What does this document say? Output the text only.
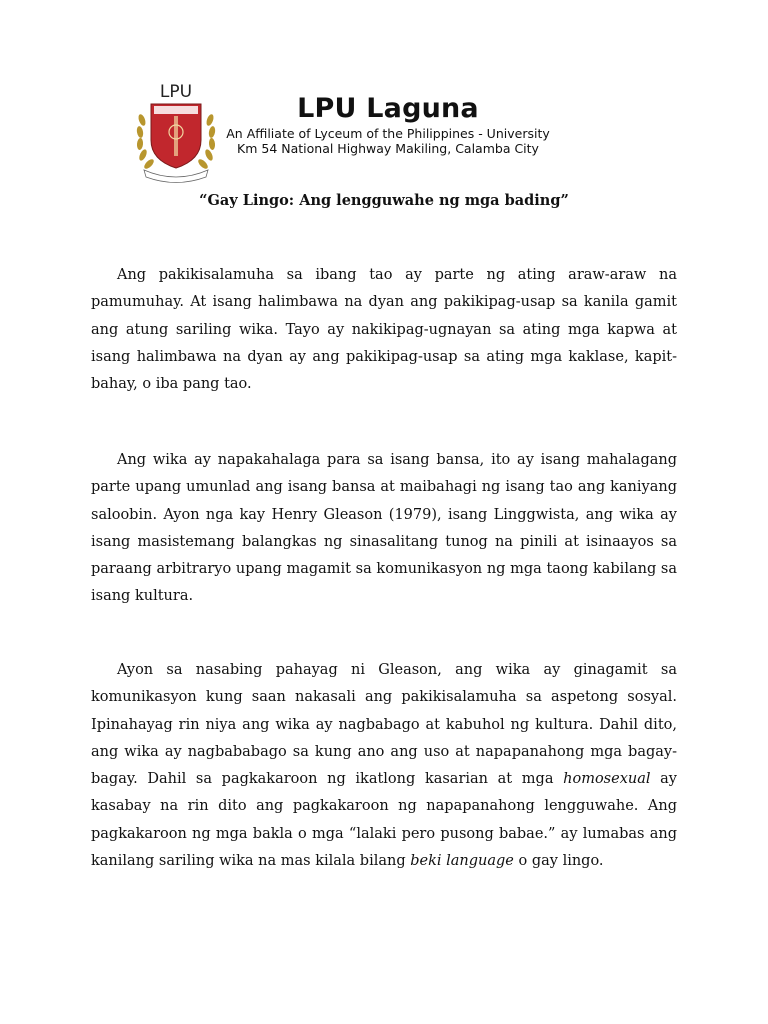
LPU
LPU Laguna
An Affiliate of Lyceum of the Philippines - University
Km 54 National Highway Makiling, Calamba City
“Gay Lingo: Ang lengguwahe ng mga bading”

Ang pakikisalamuha sa ibang tao ay parte ng ating araw-araw na pamumuhay. At isang halimbawa na dyan ang pakikipag-usap sa kanila gamit ang atung sariling wika. Tayo ay nakikipag-ugnayan sa ating mga kapwa at isang halimbawa na dyan ay ang pakikipag-usap sa ating mga kaklase, kapit-bahay, o iba pang tao.

Ang wika ay napakahalaga para sa isang bansa, ito ay isang mahalagang parte upang umunlad ang isang bansa at maibahagi ng isang tao ang kaniyang saloobin. Ayon nga kay Henry Gleason (1979), isang Linggwista, ang wika ay isang masistemang balangkas ng sinasalitang tunog na pinili at isinaayos sa paraang arbitraryo upang magamit sa komunikasyon ng mga taong kabilang sa isang kultura.

Ayon sa nasabing pahayag ni Gleason, ang wika ay ginagamit sa komunikasyon kung saan nakasali ang pakikisalamuha sa aspetong sosyal. Ipinahayag rin niya ang wika ay nagbabago at kabuhol ng kultura. Dahil dito, ang wika ay nagbababago sa kung ano ang uso at napapanahong mga bagay-bagay. Dahil sa pagkakaroon ng ikatlong kasarian at mga homosexual ay kasabay na rin dito ang pagkakaroon ng napapanahong lengguwahe. Ang pagkakaroon ng mga bakla o mga “lalaki pero pusong babae.” ay lumabas ang kanilang sariling wika na mas kilala bilang beki language o gay lingo.
